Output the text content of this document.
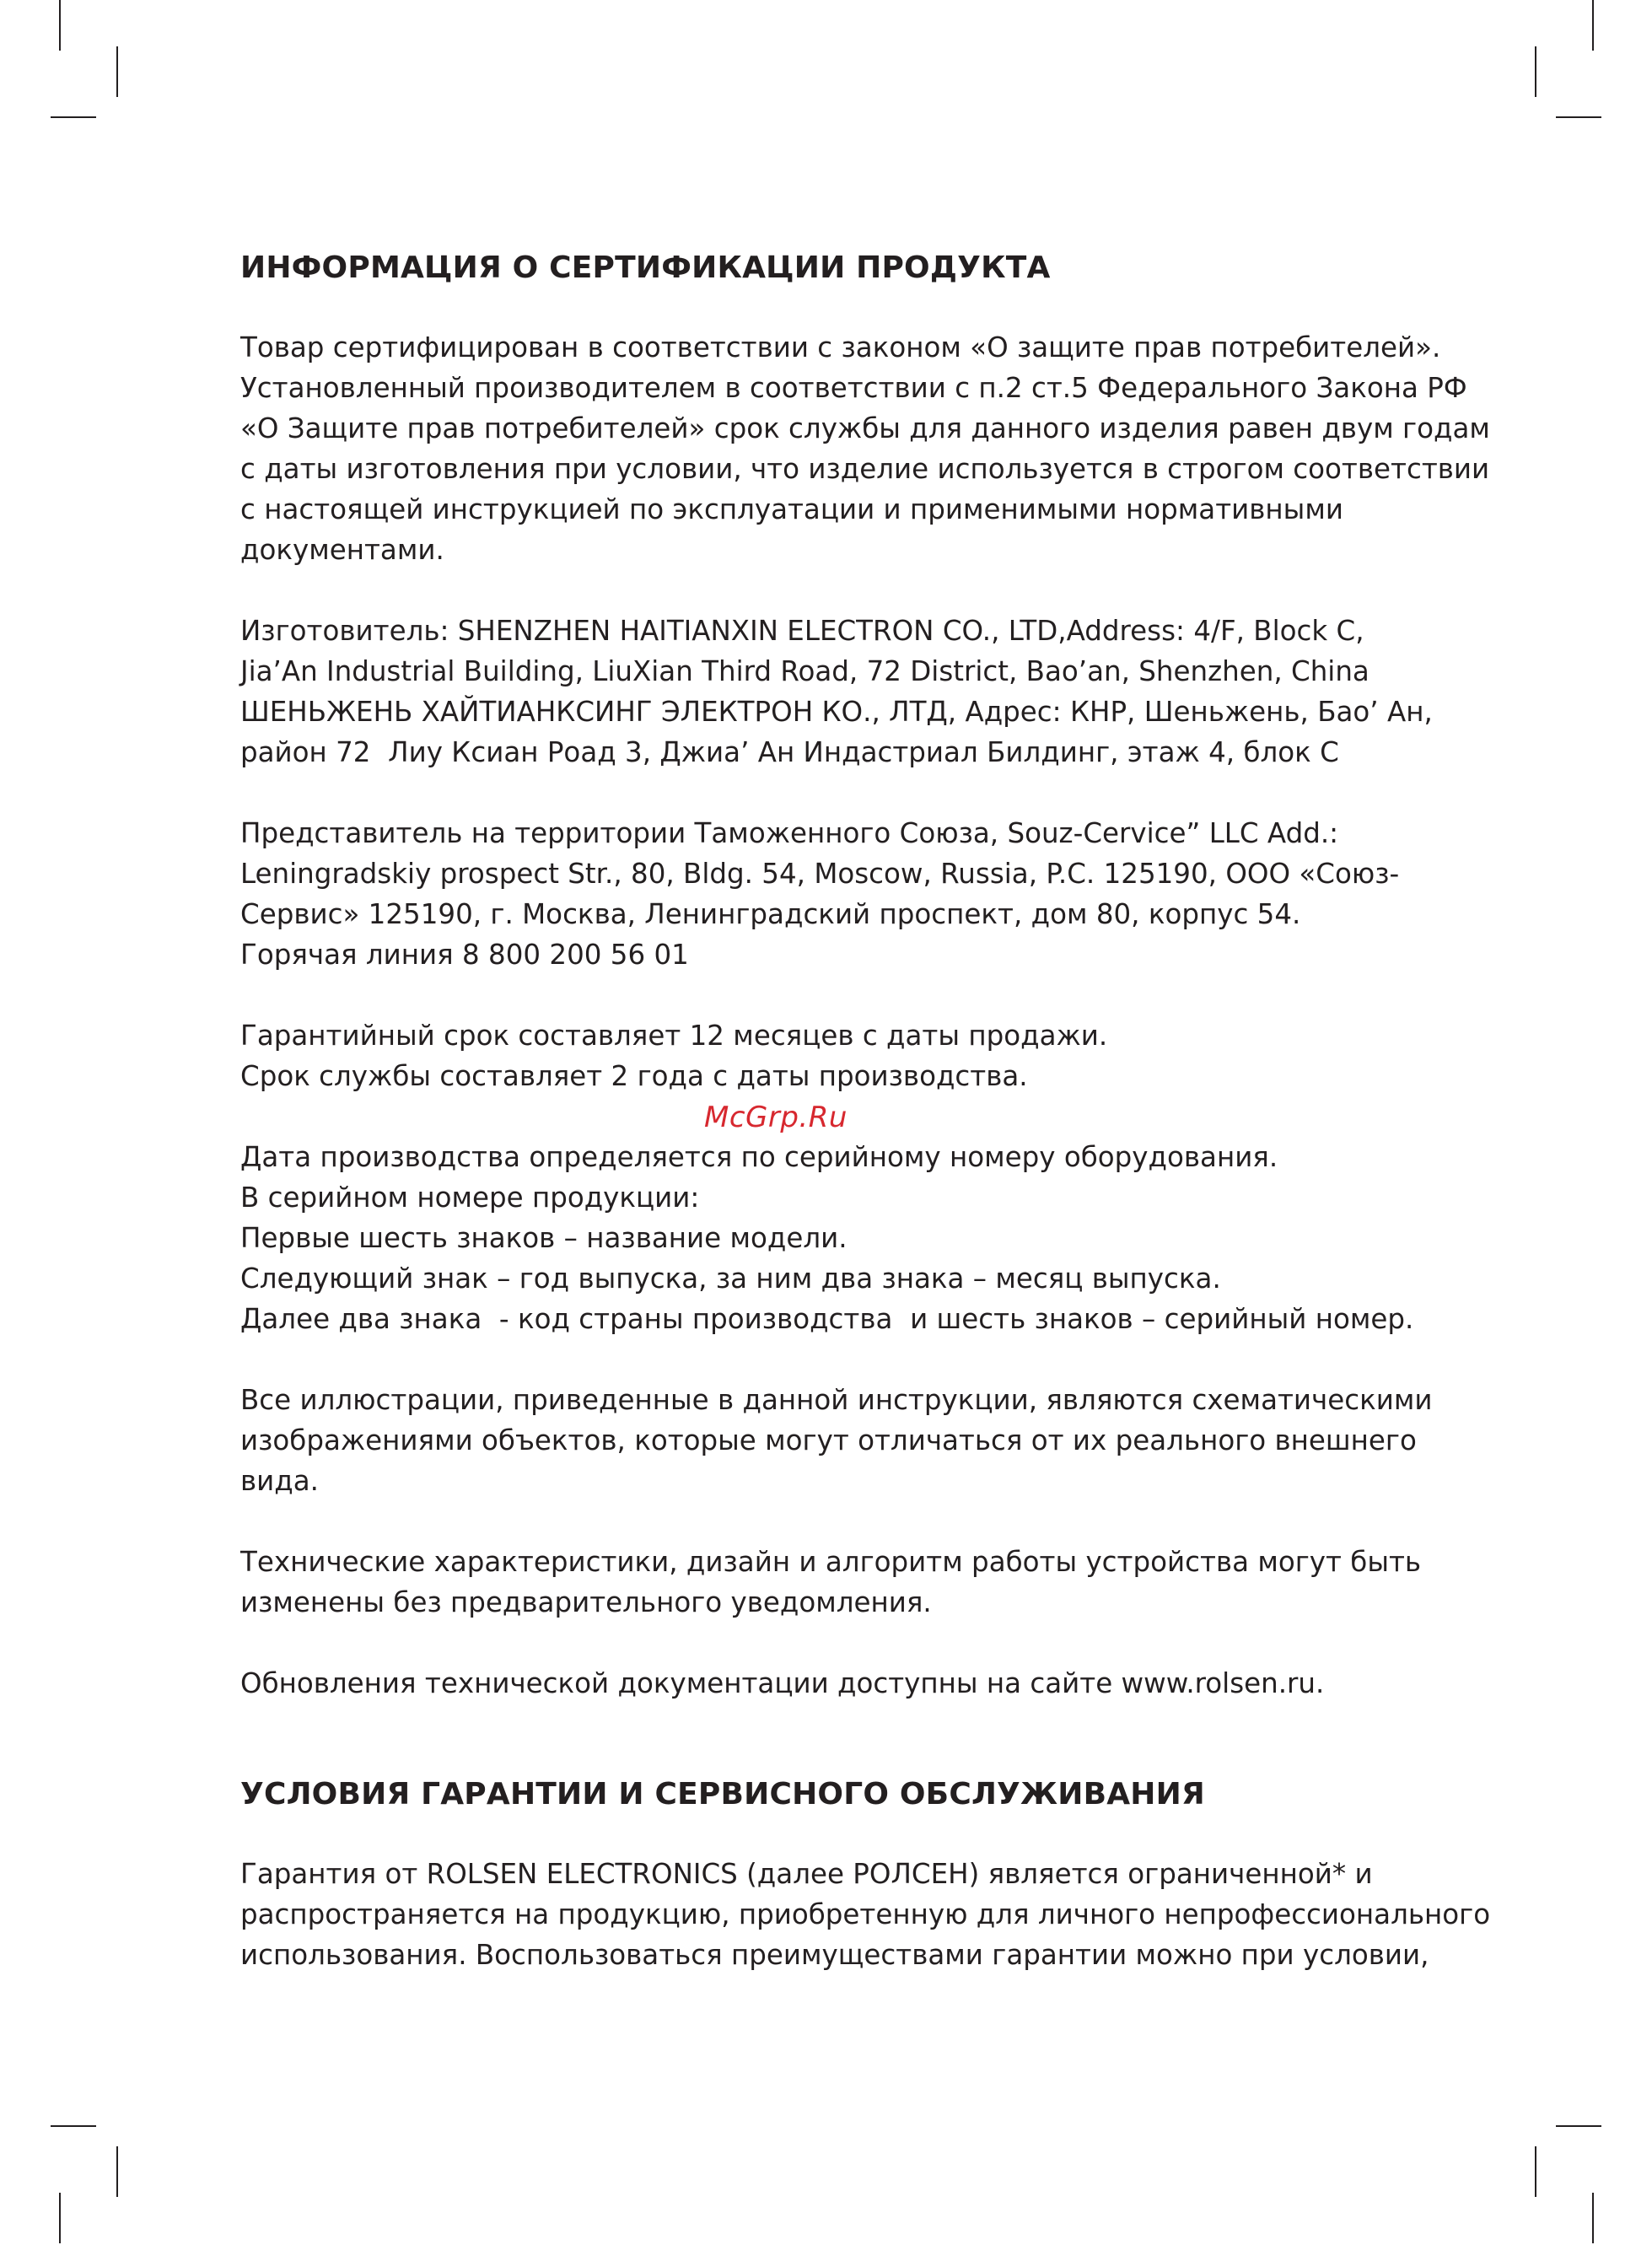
ИНФОРМАЦИЯ О СЕРТИФИКАЦИИ ПРОДУКТА

Товар сертифицирован в соответствии с законом «О защите прав потребителей».
Установленный производителем в соответствии с п.2 ст.5 Федерального Закона РФ
«О Защите прав потребителей» срок службы для данного изделия равен двум годам
с даты изготовления при условии, что изделие используется в строгом соответствии
с настоящей инструкцией по эксплуатации и применимыми нормативными
документами.

Изготовитель: SHENZHEN HAITIANXIN ELECTRON CO., LTD,Address: 4/F, Block C,
Jia’An Industrial Building, LiuXian Third Road, 72 District, Bao’an, Shenzhen, China
ШЕНЬЖЕНЬ ХАЙТИАНКСИНГ ЭЛЕКТРОН КО., ЛТД, Адрес: КНР, Шеньжень, Бао’ Ан,
район 72  Лиу Ксиан Роад 3, Джиа’ Ан Индастриал Билдинг, этаж 4, блок С

Представитель на территории Таможенного Союза, Souz-Cervice” LLC Add.:
Leningradskiy prospect Str., 80, Bldg. 54, Moscow, Russia, P.C. 125190, ООО «Союз-
Сервис» 125190, г. Москва, Ленинградский проспект, дом 80, корпус 54.
Горячая линия 8 800 200 56 01

Гарантийный срок составляет 12 месяцев с даты продажи.
Срок службы составляет 2 года с даты производства.

Дата производства определяется по серийному номеру оборудования.
В серийном номере продукции:
Первые шесть знаков – название модели.
Следующий знак – год выпуска, за ним два знака – месяц выпуска.
Далее два знака  - код страны производства  и шесть знаков – серийный номер.

Все иллюстрации, приведенные в данной инструкции, являются схематическими
изображениями объектов, которые могут отличаться от их реального внешнего
вида.

Технические характеристики, дизайн и алгоритм работы устройства могут быть
изменены без предварительного уведомления.

Обновления технической документации доступны на сайте www.rolsen.ru.

УСЛОВИЯ ГАРАНТИИ И СЕРВИСНОГО ОБСЛУЖИВАНИЯ

Гарантия от ROLSEN ELECTRONICS (далее РОЛСЕН) является ограниченной* и
распространяется на продукцию, приобретенную для личного непрофессионального
использования. Воспользоваться преимуществами гарантии можно при условии,

McGrp.Ru
